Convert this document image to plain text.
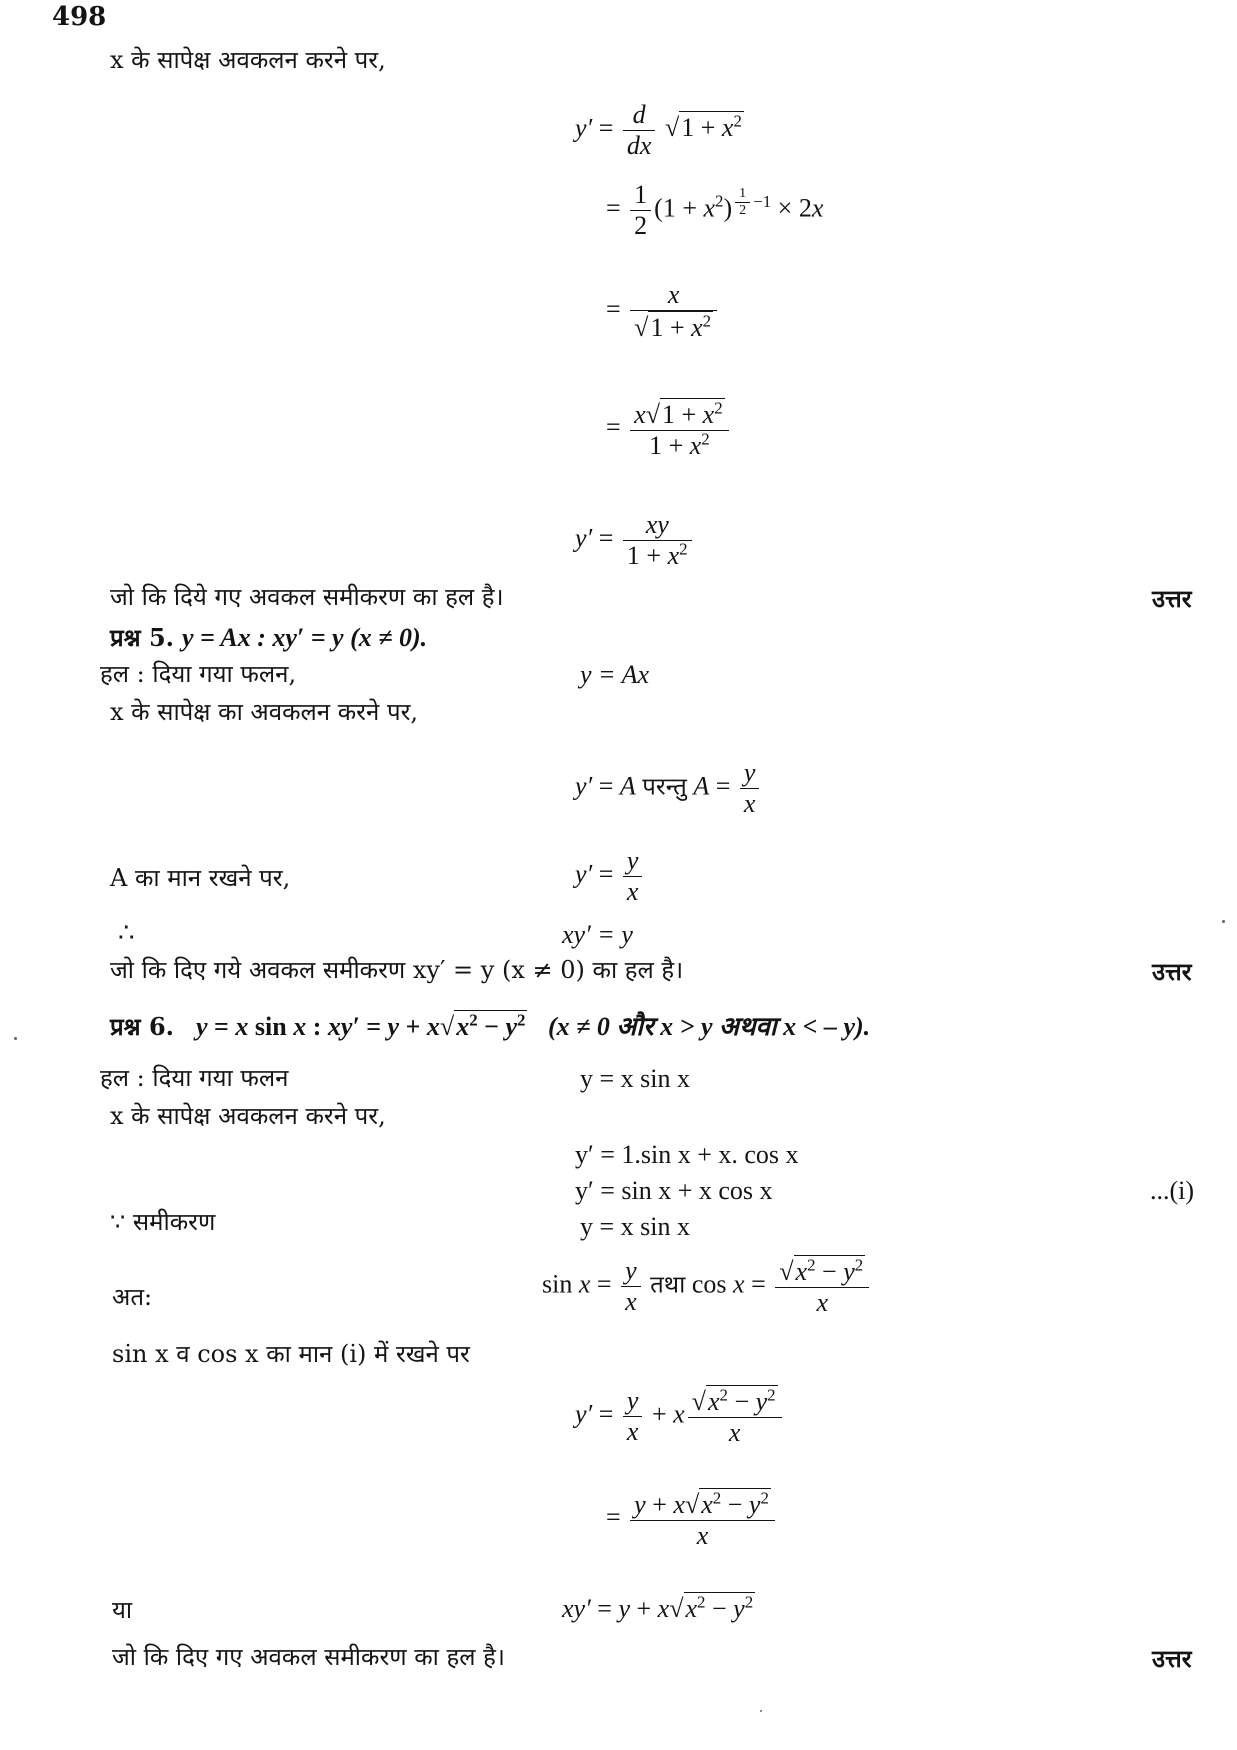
498
x के सापेक्ष अवकलन करने पर,
$y' = \frac{d}{dx} √1 + x^2$
= $\frac{1}{2} (1 + x^2) ^{\frac{1}{2} -1} \times 2x$
= $\frac{x}{√1 + x^2}$
= $\frac{x√1 + x^2}{1 + x^2}$
$y' = \frac{xy}{1 + x^2}$
जो कि दिये गए अवकल समीकरण का हल है।	उत्तर
प्रश्न 5. y = Ax : xy′ = y (x ≠ 0).
हल : दिया गया फलन,	y = Ax
x के सापेक्ष का अवकलन करने पर,
y′ = A परन्तु $A = \frac{y}{x}$
A का मान रखने पर,	$y' = \frac{y}{x}$
∴	xy′ = y
जो कि दिए गये अवकल समीकरण xy′ = y (x ≠ 0) का हल है।	उत्तर
प्रश्न 6. y = x sin x : $xy' = y + x√x^2 - y^2$ (x ≠ 0 और x > y अथवा x < – y).
हल : दिया गया फलन	y = x sin x
x के सापेक्ष अवकलन करने पर,
y′ = 1.sin x + x. cos x
y′ = sin x + x cos x	...(i)
∵ समीकरण	y = x sin x
अत:	$\sin x = \frac{y}{x}$ तथा $\cos x = \frac{√x^2 - y^2}{x}$
sin x व cos x का मान (i) में रखने पर
$y' = \frac{y}{x} + x \frac{√x^2 - y^2}{x}$
= $\frac{y + x√x^2 - y^2}{x}$
या	$xy' = y + x√x^2 - y^2$
जो कि दिए गए अवकल समीकरण का हल है।	उत्तर
